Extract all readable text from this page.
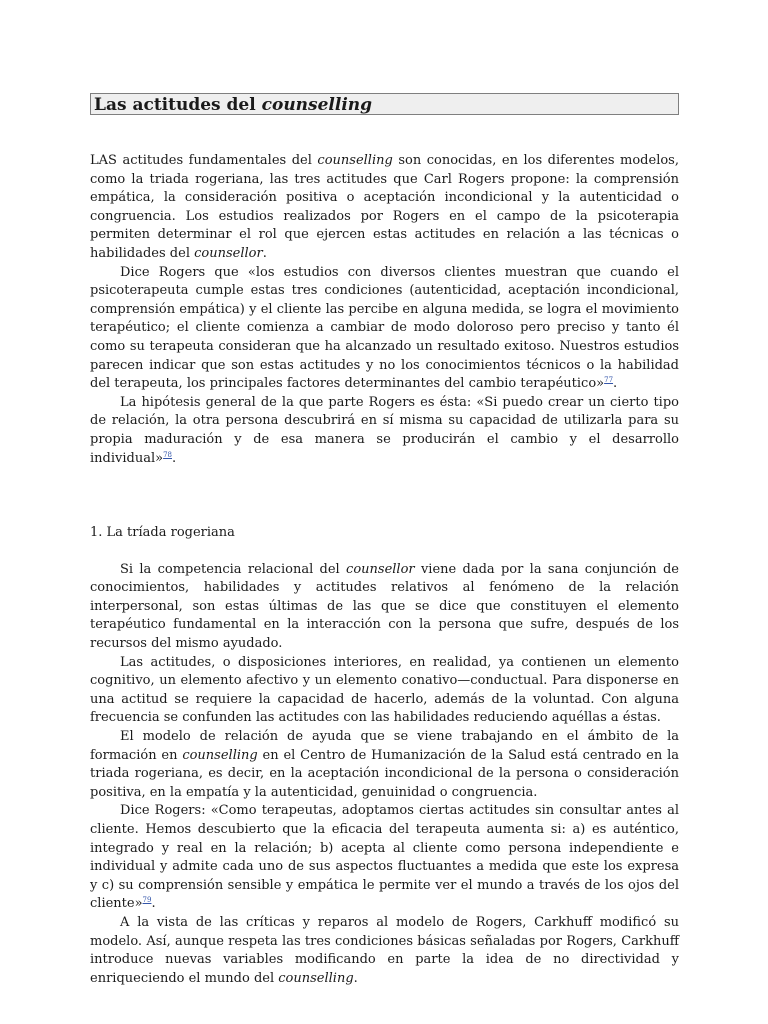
Las actitudes del counselling

LAS actitudes fundamentales del counselling son conocidas, en los diferentes modelos, como la triada rogeriana, las tres actitudes que Carl Rogers propone: la comprensión empática, la consideración positiva o aceptación incondicional y la autenticidad o congruencia. Los estudios realizados por Rogers en el campo de la psicoterapia permiten determinar el rol que ejercen estas actitudes en relación a las técnicas o habilidades del counsellor.

Dice Rogers que «los estudios con diversos clientes muestran que cuando el psicoterapeuta cumple estas tres condiciones (autenticidad, aceptación incondicional, comprensión empática) y el cliente las percibe en alguna medida, se logra el movimiento terapéutico; el cliente comienza a cambiar de modo doloroso pero preciso y tanto él como su terapeuta consideran que ha alcanzado un resultado exitoso. Nuestros estudios parecen indicar que son estas actitudes y no los conocimientos técnicos o la habilidad del terapeuta, los principales factores determinantes del cambio terapéutico»$^{77}$.

La hipótesis general de la que parte Rogers es ésta: «Si puedo crear un cierto tipo de relación, la otra persona descubrirá en sí misma su capacidad de utilizarla para su propia maduración y de esa manera se producirán el cambio y el desarrollo individual»$^{78}$.

1. La tríada rogeriana

Si la competencia relacional del counsellor viene dada por la sana conjunción de conocimientos, habilidades y actitudes relativos al fenómeno de la relación interpersonal, son estas últimas de las que se dice que constituyen el elemento terapéutico fundamental en la interacción con la persona que sufre, después de los recursos del mismo ayudado.

Las actitudes, o disposiciones interiores, en realidad, ya contienen un elemento cognitivo, un elemento afectivo y un elemento conativo—conductual. Para disponerse en una actitud se requiere la capacidad de hacerlo, además de la voluntad. Con alguna frecuencia se confunden las actitudes con las habilidades reduciendo aquéllas a éstas.

El modelo de relación de ayuda que se viene trabajando en el ámbito de la formación en counselling en el Centro de Humanización de la Salud está centrado en la triada rogeriana, es decir, en la aceptación incondicional de la persona o consideración positiva, en la empatía y la autenticidad, genuinidad o congruencia.

Dice Rogers: «Como terapeutas, adoptamos ciertas actitudes sin consultar antes al cliente. Hemos descubierto que la eficacia del terapeuta aumenta si: a) es auténtico, integrado y real en la relación; b) acepta al cliente como persona independiente e individual y admite cada uno de sus aspectos fluctuantes a medida que este los expresa y c) su comprensión sensible y empática le permite ver el mundo a través de los ojos del cliente»$^{79}$.

A la vista de las críticas y reparos al modelo de Rogers, Carkhuff modificó su modelo. Así, aunque respeta las tres condiciones básicas señaladas por Rogers, Carkhuff introduce nuevas variables modificando en parte la idea de no directividad y enriqueciendo el mundo del counselling.
